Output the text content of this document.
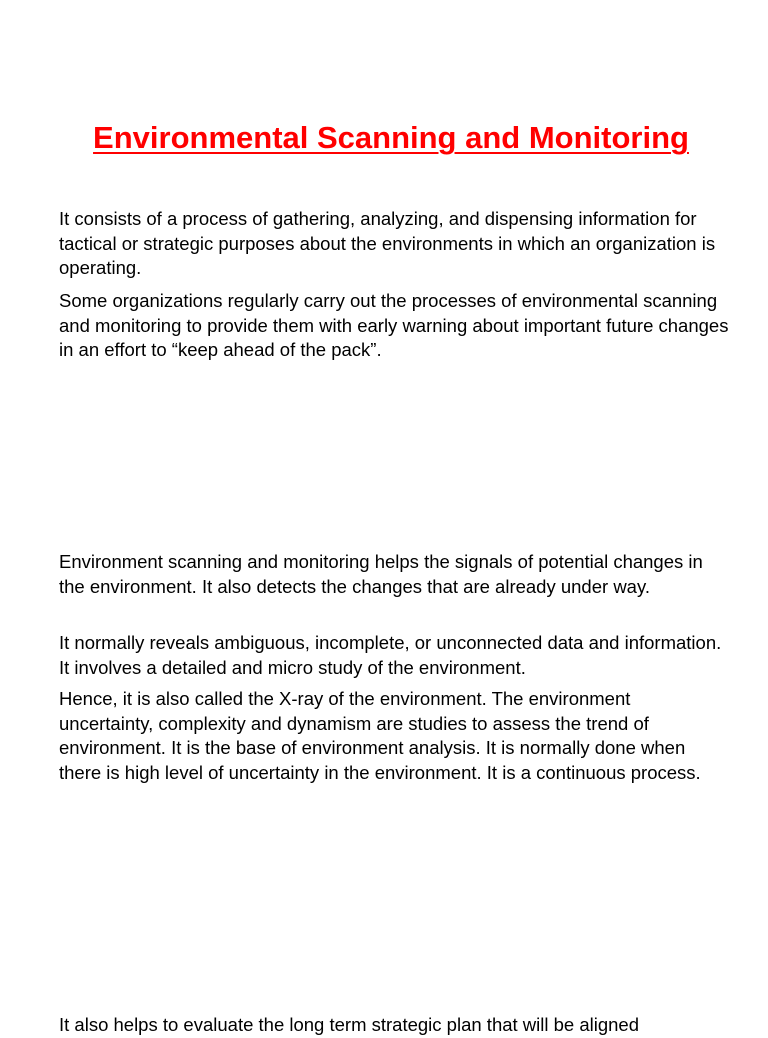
Environmental Scanning and Monitoring

It consists of a process of gathering, analyzing, and dispensing information for tactical or strategic purposes about the environments in which an organization is operating.

Some organizations regularly carry out the processes of environmental scanning and monitoring to provide them with early warning about important future changes in an effort to “keep ahead of the pack”.

Environment scanning and monitoring helps the signals of potential changes in the environment. It also detects the changes that are already under way.

It normally reveals ambiguous, incomplete, or unconnected data and information. It involves a detailed and micro study of the environment.

Hence, it is also called the X-ray of the environment. The environment uncertainty, complexity and dynamism are studies to assess the trend of environment. It is the base of environment analysis. It is normally done when there is high level of uncertainty in the environment. It is a continuous process.

It also helps to evaluate the long term strategic plan that will be aligned
